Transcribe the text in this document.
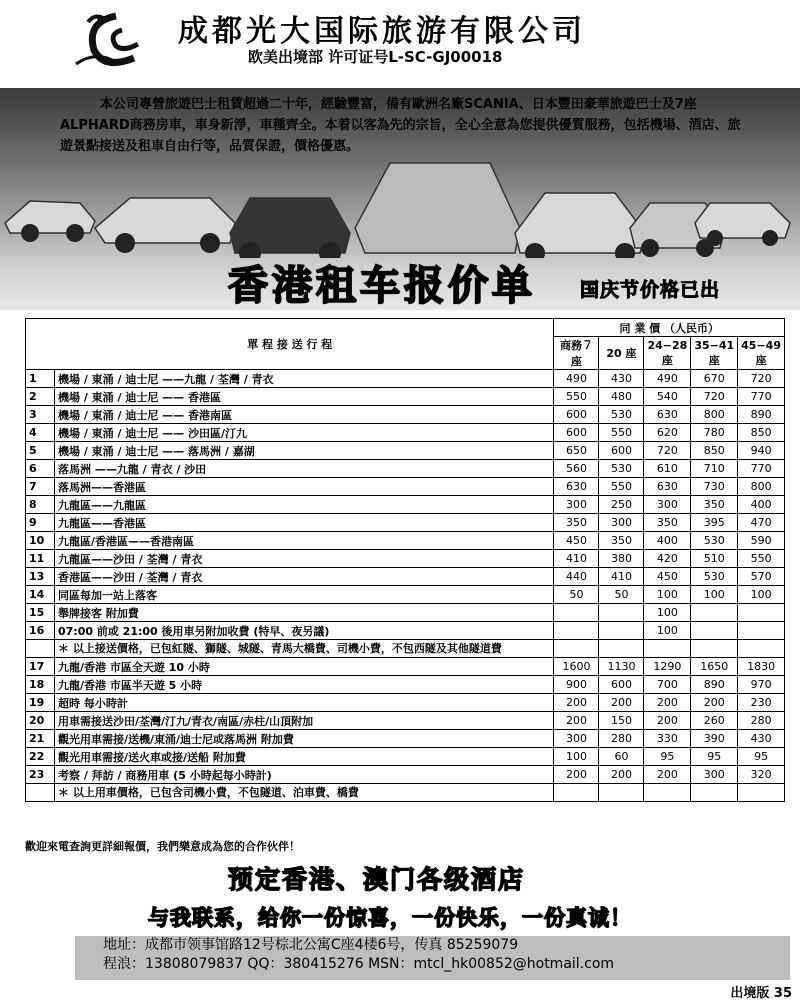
成都光大国际旅游有限公司
欧美出境部 许可证号L-SC-GJ00018
本公司專營旅遊巴士租賃超過二十年，經驗豐富，備有歐洲名廠SCANIA、日本豐田豪華旅遊巴士及7座ALPHARD商務房車，車身新淨，車種齊全。本着以客為先的宗旨，全心全意為您提供優質服務，包括機場、酒店、旅遊景點接送及租車自由行等，品質保證，價格優惠。
香港租车报价单 国庆节价格已出
單 程 接 送 行 程		同 業 價 （人民币）				
		商務７座	20 座	24−28 座	35−41 座	45−49 座
1	機場 / 東涌 / 迪士尼 ——九龍 / 荃灣 / 青衣	490	430	490	670	720
2	機場 / 東涌 / 迪士尼 —— 香港區	550	480	540	720	770
3	機場 / 東涌 / 迪士尼 —— 香港南區	600	530	630	800	890
4	機場 / 東涌 / 迪士尼 —— 沙田區/汀九	600	550	620	780	850
5	機場 / 東涌 / 迪士尼 —— 落馬洲 / 嘉湖	650	600	720	850	940
6	落馬洲 ——九龍 / 青衣 / 沙田	560	530	610	710	770
7	落馬洲——香港區	630	550	630	730	800
8	九龍區——九龍區	300	250	300	350	400
9	九龍區——香港區	350	300	350	395	470
10	九龍區/香港區——香港南區	450	350	400	530	590
11	九龍區——沙田 / 荃灣 / 青衣	410	380	420	510	550
13	香港區——沙田 / 荃灣 / 青衣	440	410	450	530	570
14	同區每加一站上落客	50	50	100	100	100
15	舉牌接客 附加費			100		
16	07:00 前或 21:00 後用車另附加收費 (特早、夜另議)			100		
	＊ 以上接送價格，已包紅隧、獅隧、城隧、青馬大橋費、司機小費，不包西隧及其他隧道費					
17	九龍/香港 市區全天遊 10 小時	1600	1130	1290	1650	1830
18	九龍/香港 市區半天遊 5 小時	900	600	700	890	970
19	超時 每小時計	200	200	200	200	230
20	用車需接送沙田/荃灣/汀九/青衣/南區/赤柱/山頂附加	200	150	200	260	280
21	觀光用車需接/送機/東涌/迪士尼或落馬洲 附加費	300	280	330	390	430
22	觀光用車需接/送火車或接/送船 附加費	100	60	95	95	95
23	考察 / 拜訪 / 商務用車 (5 小時起每小時計)	200	200	200	300	320
	＊ 以上用車價格，已包含司機小費，不包隧道、泊車費、橋費					
歡迎來電查詢更詳細報價，我們樂意成為您的合作伙伴！
预定香港、澳门各级酒店
与我联系，给你一份惊喜，一份快乐，一份真诚！
地址：成都市领事馆路12号棕北公寓C座4楼6号，传真 85259079
程浪：13808079837 QQ：380415276 MSN：mtcl_hk00852@hotmail.com
出境版 35
